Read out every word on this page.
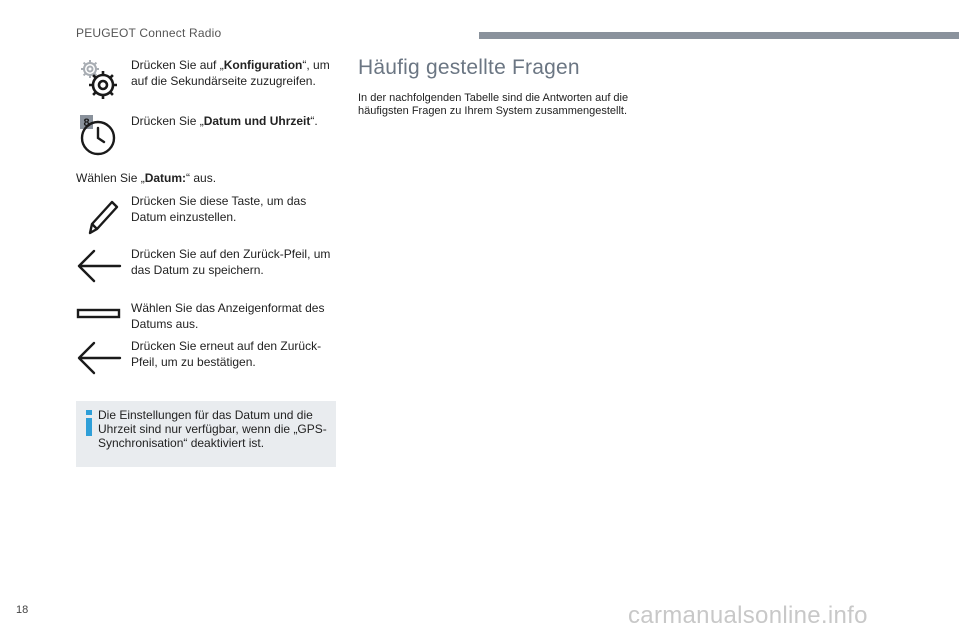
PEUGEOT Connect Radio
Drücken Sie auf „Konfiguration“, um auf die Sekundärseite zuzugreifen.
8	Drücken Sie „Datum und Uhrzeit“.
Wählen Sie „Datum:“ aus.
Drücken Sie diese Taste, um das Datum einzustellen.
Drücken Sie auf den Zurück-Pfeil, um das Datum zu speichern.
Wählen Sie das Anzeigenformat des Datums aus.
Drücken Sie erneut auf den Zurück-Pfeil, um zu bestätigen.
Die Einstellungen für das Datum und die Uhrzeit sind nur verfügbar, wenn die „GPS-Synchronisation“ deaktiviert ist.
Häufig gestellte Fragen
In der nachfolgenden Tabelle sind die Antworten auf die häufigsten Fragen zu Ihrem System zusammengestellt.
18	carmanualsonline.info
